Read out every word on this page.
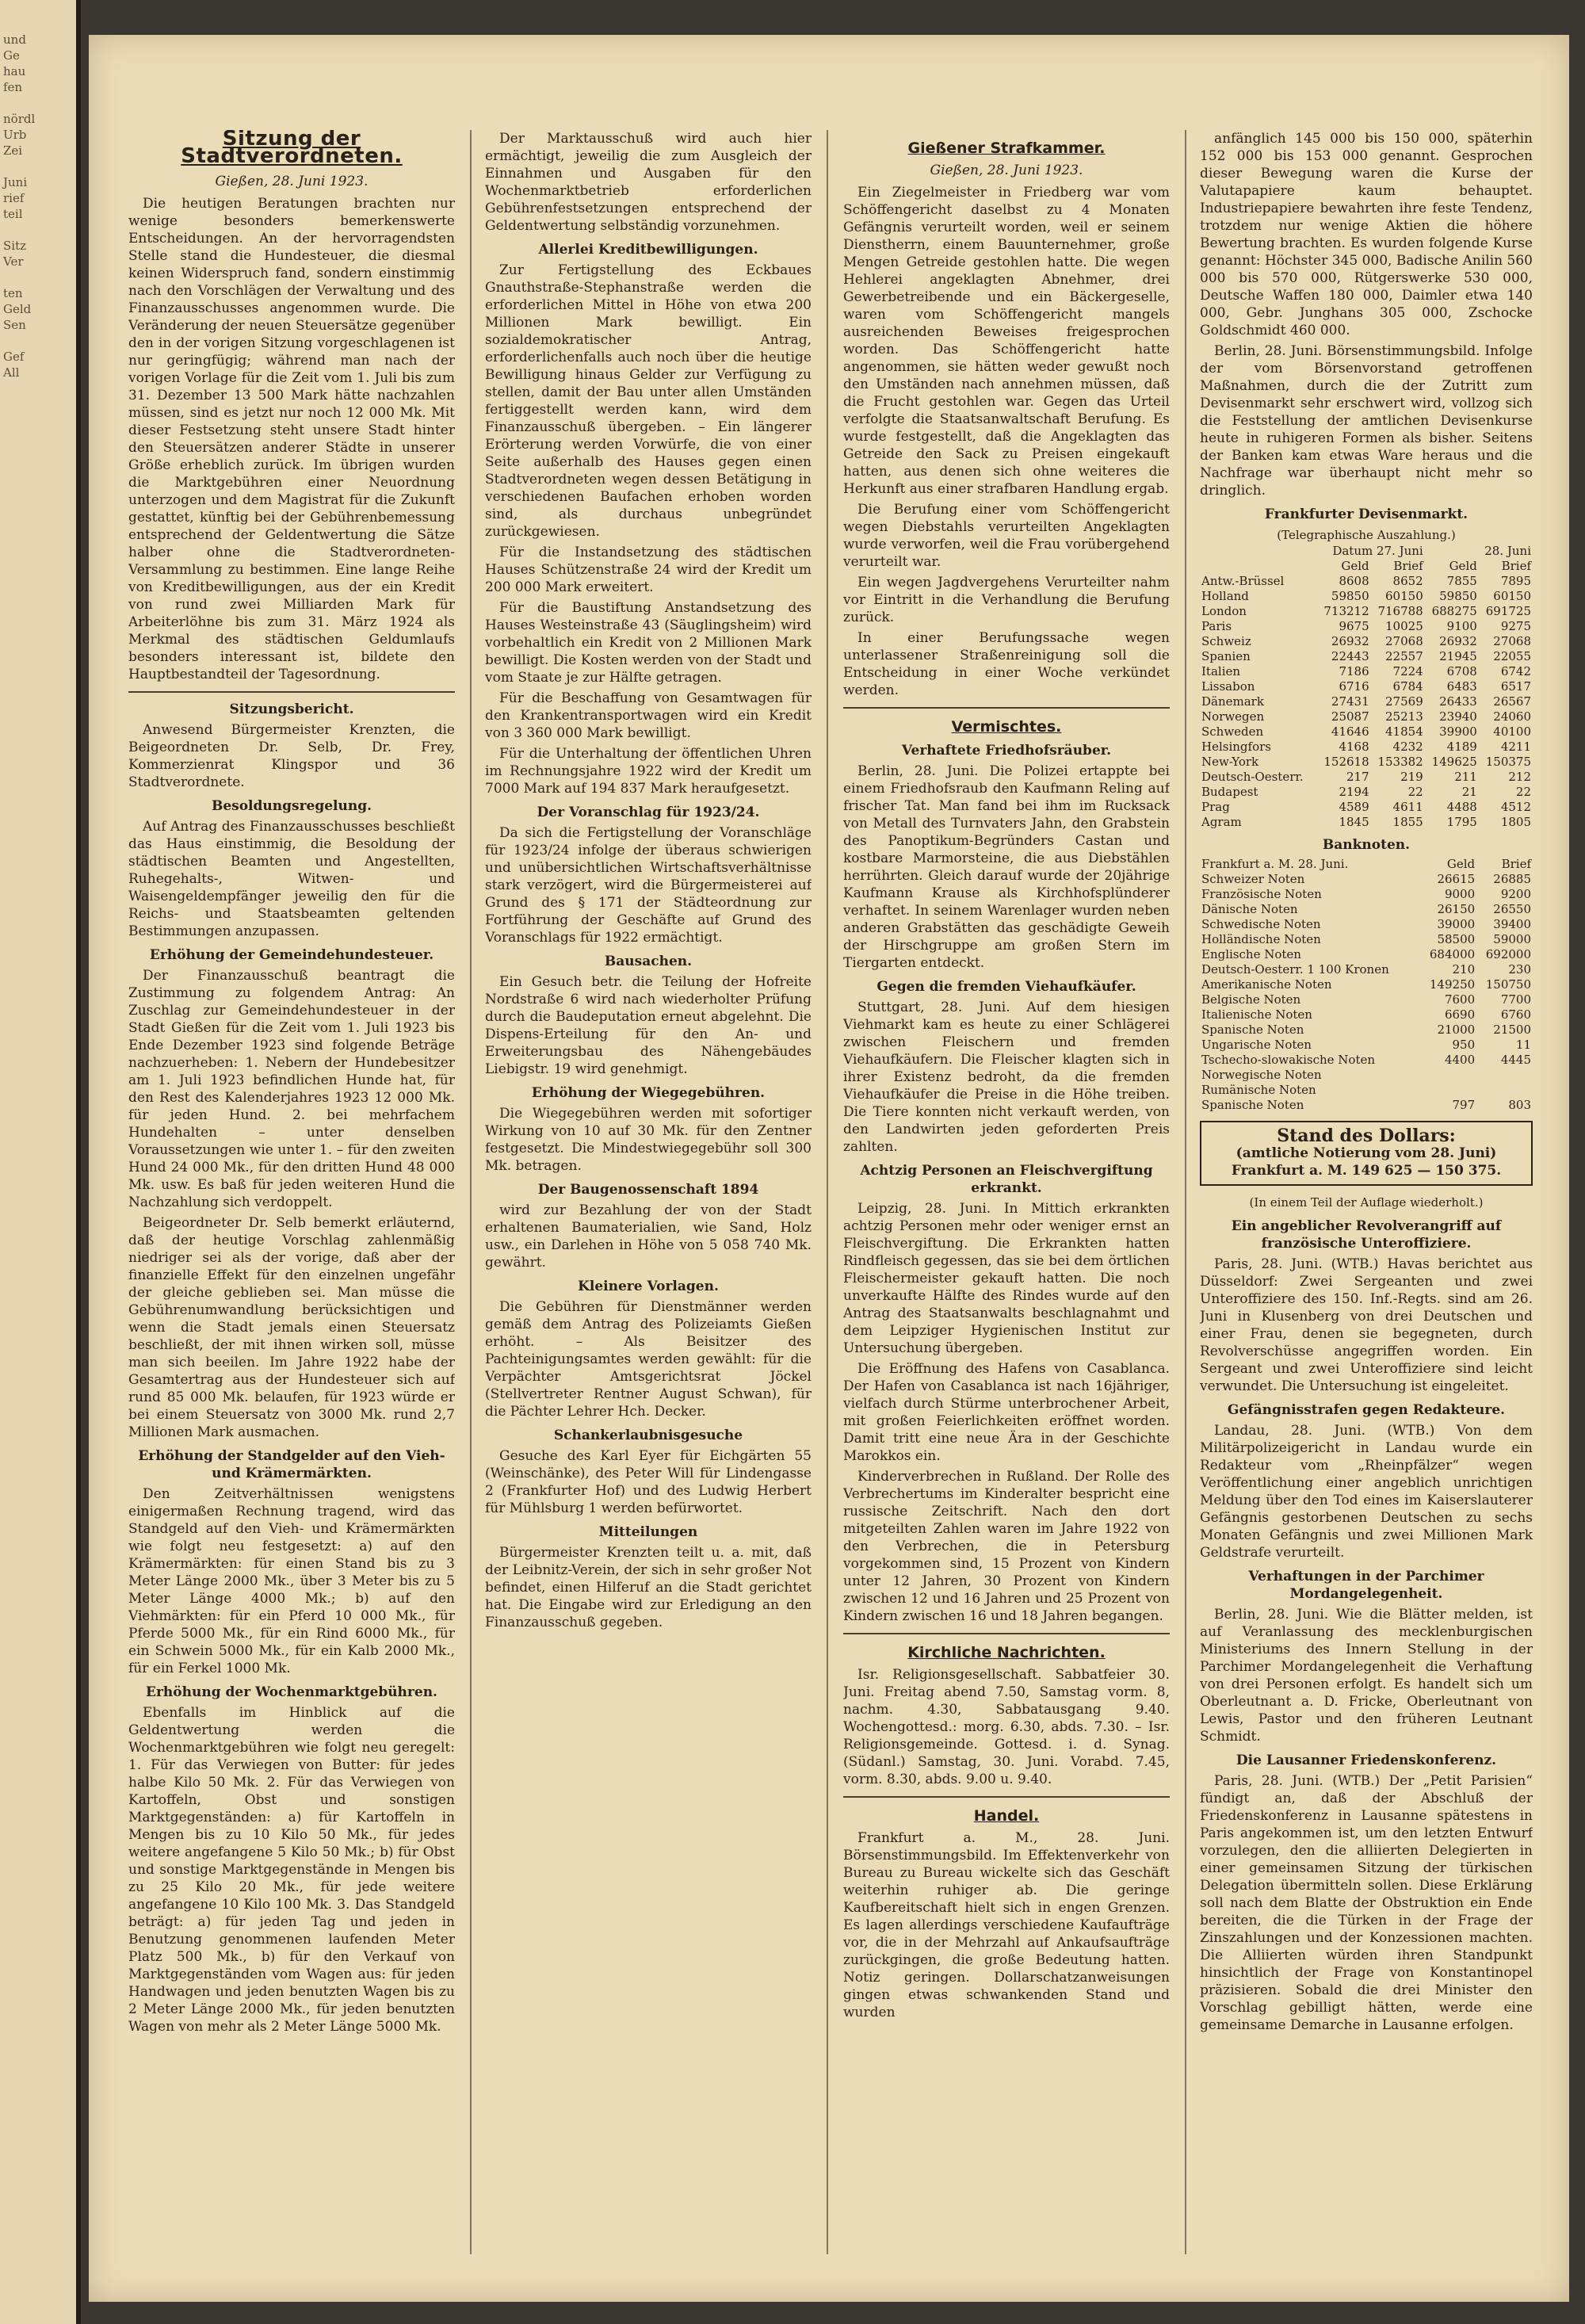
und
Ge
hau
fen

nördl
Urb
Zei

Juni
rief
teil

Sitz
Ver

ten
Geld
Sen

Gef
All
Sitzung der Stadtverordneten.

Gießen, 28. Juni 1923.

Die heutigen Beratungen brachten nur wenige besonders bemerkenswerte Entscheidungen. An der hervorragendsten Stelle stand die Hundesteuer, die diesmal keinen Widerspruch fand, sondern einstimmig nach den Vorschlägen der Verwaltung und des Finanzausschusses angenommen wurde. Die Veränderung der neuen Steuersätze gegenüber den in der vorigen Sitzung vorgeschlagenen ist nur geringfügig; während man nach der vorigen Vorlage für die Zeit vom 1. Juli bis zum 31. Dezember 13 500 Mark hätte nachzahlen müssen, sind es jetzt nur noch 12 000 Mk. Mit dieser Festsetzung steht unsere Stadt hinter den Steuersätzen anderer Städte in unserer Größe erheblich zurück. Im übrigen wurden die Marktgebühren einer Neuordnung unterzogen und dem Magistrat für die Zukunft gestattet, künftig bei der Gebührenbemessung entsprechend der Geldentwertung die Sätze halber ohne die Stadtverordneten-Versammlung zu bestimmen. Eine lange Reihe von Kreditbewilligungen, aus der ein Kredit von rund zwei Milliarden Mark für Arbeiterlöhne bis zum 31. März 1924 als Merkmal des städtischen Geldumlaufs besonders interessant ist, bildete den Hauptbestandteil der Tagesordnung.

Sitzungsbericht.

Anwesend Bürgermeister Krenzten, die Beigeordneten Dr. Selb, Dr. Frey, Kommerzienrat Klingspor und 36 Stadtverordnete.

Besoldungsregelung.

Auf Antrag des Finanzausschusses beschließt das Haus einstimmig, die Besoldung der städtischen Beamten und Angestellten, Ruhegehalts-, Witwen- und Waisengeldempfänger jeweilig den für die Reichs- und Staatsbeamten geltenden Bestimmungen anzupassen.

Erhöhung der Gemeindehundesteuer.

Der Finanzausschuß beantragt die Zustimmung zu folgendem Antrag: An Zuschlag zur Gemeindehundesteuer in der Stadt Gießen für die Zeit vom 1. Juli 1923 bis Ende Dezember 1923 sind folgende Beträge nachzuerheben: 1. Nebern der Hundebesitzer am 1. Juli 1923 befindlichen Hunde hat, für den Rest des Kalenderjahres 1923 12 000 Mk. für jeden Hund. 2. bei mehrfachem Hundehalten – unter denselben Voraussetzungen wie unter 1. – für den zweiten Hund 24 000 Mk., für den dritten Hund 48 000 Mk. usw. Es baß für jeden weiteren Hund die Nachzahlung sich verdoppelt.

Beigeordneter Dr. Selb bemerkt erläuternd, daß der heutige Vorschlag zahlenmäßig niedriger sei als der vorige, daß aber der finanzielle Effekt für den einzelnen ungefähr der gleiche geblieben sei. Man müsse die Gebührenumwandlung berücksichtigen und wenn die Stadt jemals einen Steuersatz beschließt, der mit ihnen wirken soll, müsse man sich beeilen. Im Jahre 1922 habe der Gesamtertrag aus der Hundesteuer sich auf rund 85 000 Mk. belaufen, für 1923 würde er bei einem Steuersatz von 3000 Mk. rund 2,7 Millionen Mark ausmachen.

Erhöhung der Standgelder auf den Vieh- und Krämermärkten.

Den Zeitverhältnissen wenigstens einigermaßen Rechnung tragend, wird das Standgeld auf den Vieh- und Krämermärkten wie folgt neu festgesetzt: a) auf den Krämermärkten: für einen Stand bis zu 3 Meter Länge 2000 Mk., über 3 Meter bis zu 5 Meter Länge 4000 Mk.; b) auf den Viehmärkten: für ein Pferd 10 000 Mk., für Pferde 5000 Mk., für ein Rind 6000 Mk., für ein Schwein 5000 Mk., für ein Kalb 2000 Mk., für ein Ferkel 1000 Mk.

Erhöhung der Wochenmarktgebühren.

Ebenfalls im Hinblick auf die Geldentwertung werden die Wochenmarktgebühren wie folgt neu geregelt: 1. Für das Verwiegen von Butter: für jedes halbe Kilo 50 Mk. 2. Für das Verwiegen von Kartoffeln, Obst und sonstigen Marktgegenständen: a) für Kartoffeln in Mengen bis zu 10 Kilo 50 Mk., für jedes weitere angefangene 5 Kilo 50 Mk.; b) für Obst und sonstige Marktgegenstände in Mengen bis zu 25 Kilo 20 Mk., für jede weitere angefangene 10 Kilo 100 Mk. 3. Das Standgeld beträgt: a) für jeden Tag und jeden in Benutzung genommenen laufenden Meter Platz 500 Mk., b) für den Verkauf von Marktgegenständen vom Wagen aus: für jeden Handwagen und jeden benutzten Wagen bis zu 2 Meter Länge 2000 Mk., für jeden benutzten Wagen von mehr als 2 Meter Länge 5000 Mk.

Der Marktausschuß wird auch hier ermächtigt, jeweilig die zum Ausgleich der Einnahmen und Ausgaben für den Wochenmarktbetrieb erforderlichen Gebührenfestsetzungen entsprechend der Geldentwertung selbständig vorzunehmen.

Allerlei Kreditbewilligungen.

Zur Fertigstellung des Eckbaues Gnauthstraße-Stephanstraße werden die erforderlichen Mittel in Höhe von etwa 200 Millionen Mark bewilligt. Ein sozialdemokratischer Antrag, erforderlichenfalls auch noch über die heutige Bewilligung hinaus Gelder zur Verfügung zu stellen, damit der Bau unter allen Umständen fertiggestellt werden kann, wird dem Finanzausschuß übergeben. – Ein längerer Erörterung werden Vorwürfe, die von einer Seite außerhalb des Hauses gegen einen Stadtverordneten wegen dessen Betätigung in verschiedenen Baufachen erhoben worden sind, als durchaus unbegründet zurückgewiesen.

Für die Instandsetzung des städtischen Hauses Schützenstraße 24 wird der Kredit um 200 000 Mark erweitert.

Für die Baustiftung Anstandsetzung des Hauses Westeinstraße 43 (Säuglingsheim) wird vorbehaltlich ein Kredit von 2 Millionen Mark bewilligt. Die Kosten werden von der Stadt und vom Staate je zur Hälfte getragen.

Für die Beschaffung von Gesamtwagen für den Krankentransportwagen wird ein Kredit von 3 360 000 Mark bewilligt.

Für die Unterhaltung der öffentlichen Uhren im Rechnungsjahre 1922 wird der Kredit um 7000 Mark auf 194 837 Mark heraufgesetzt.

Der Voranschlag für 1923/24.

Da sich die Fertigstellung der Voranschläge für 1923/24 infolge der überaus schwierigen und unübersichtlichen Wirtschaftsverhältnisse stark verzögert, wird die Bürgermeisterei auf Grund des § 171 der Städteordnung zur Fortführung der Geschäfte auf Grund des Voranschlags für 1922 ermächtigt.

Bausachen.

Ein Gesuch betr. die Teilung der Hofreite Nordstraße 6 wird nach wiederholter Prüfung durch die Baudeputation erneut abgelehnt. Die Dispens-Erteilung für den An- und Erweiterungsbau des Nähengebäudes Liebigstr. 19 wird genehmigt.

Erhöhung der Wiegegebühren.

Die Wiegegebühren werden mit sofortiger Wirkung von 10 auf 30 Mk. für den Zentner festgesetzt. Die Mindestwiegegebühr soll 300 Mk. betragen.

Der Baugenossenschaft 1894

wird zur Bezahlung der von der Stadt erhaltenen Baumaterialien, wie Sand, Holz usw., ein Darlehen in Höhe von 5 058 740 Mk. gewährt.

Kleinere Vorlagen.

Die Gebühren für Dienstmänner werden gemäß dem Antrag des Polizeiamts Gießen erhöht. – Als Beisitzer des Pachteinigungsamtes werden gewählt: für die Verpächter Amtsgerichtsrat Jöckel (Stellvertreter Rentner August Schwan), für die Pächter Lehrer Hch. Decker.

Schankerlaubnisgesuche

Gesuche des Karl Eyer für Eichgärten 55 (Weinschänke), des Peter Will für Lindengasse 2 (Frankfurter Hof) und des Ludwig Herbert für Mühlsburg 1 werden befürwortet.

Mitteilungen

Bürgermeister Krenzten teilt u. a. mit, daß der Leibnitz-Verein, der sich in sehr großer Not befindet, einen Hilferuf an die Stadt gerichtet hat. Die Eingabe wird zur Erledigung an den Finanzausschuß gegeben.

Gießener Strafkammer.

Gießen, 28. Juni 1923.

Ein Ziegelmeister in Friedberg war vom Schöffengericht daselbst zu 4 Monaten Gefängnis verurteilt worden, weil er seinem Dienstherrn, einem Bauunternehmer, große Mengen Getreide gestohlen hatte. Die wegen Hehlerei angeklagten Abnehmer, drei Gewerbetreibende und ein Bäckergeselle, waren vom Schöffengericht mangels ausreichenden Beweises freigesprochen worden. Das Schöffengericht hatte angenommen, sie hätten weder gewußt noch den Umständen nach annehmen müssen, daß die Frucht gestohlen war. Gegen das Urteil verfolgte die Staatsanwaltschaft Berufung. Es wurde festgestellt, daß die Angeklagten das Getreide den Sack zu Preisen eingekauft hatten, aus denen sich ohne weiteres die Herkunft aus einer strafbaren Handlung ergab.

Die Berufung einer vom Schöffengericht wegen Diebstahls verurteilten Angeklagten wurde verworfen, weil die Frau vorübergehend verurteilt war.

Ein wegen Jagdvergehens Verurteilter nahm vor Eintritt in die Verhandlung die Berufung zurück.

In einer Berufungssache wegen unterlassener Straßenreinigung soll die Entscheidung in einer Woche verkündet werden.

Vermischtes.
Verhaftete Friedhofsräuber.

Berlin, 28. Juni. Die Polizei ertappte bei einem Friedhofsraub den Kaufmann Reling auf frischer Tat. Man fand bei ihm im Rucksack von Metall des Turnvaters Jahn, den Grabstein des Panoptikum-Begründers Castan und kostbare Marmorsteine, die aus Diebstählen herrührten. Gleich darauf wurde der 20jährige Kaufmann Krause als Kirchhofsplünderer verhaftet. In seinem Warenlager wurden neben anderen Grabstätten das geschädigte Geweih der Hirschgruppe am großen Stern im Tiergarten entdeckt.

Gegen die fremden Viehaufkäufer.

Stuttgart, 28. Juni. Auf dem hiesigen Viehmarkt kam es heute zu einer Schlägerei zwischen Fleischern und fremden Viehaufkäufern. Die Fleischer klagten sich in ihrer Existenz bedroht, da die fremden Viehaufkäufer die Preise in die Höhe treiben. Die Tiere konnten nicht verkauft werden, von den Landwirten jeden geforderten Preis zahlten.

Achtzig Personen an Fleischvergiftung erkrankt.

Leipzig, 28. Juni. In Mittich erkrankten achtzig Personen mehr oder weniger ernst an Fleischvergiftung. Die Erkrankten hatten Rindfleisch gegessen, das sie bei dem örtlichen Fleischermeister gekauft hatten. Die noch unverkaufte Hälfte des Rindes wurde auf den Antrag des Staatsanwalts beschlagnahmt und dem Leipziger Hygienischen Institut zur Untersuchung übergeben.

Die Eröffnung des Hafens von Casablanca. Der Hafen von Casablanca ist nach 16jähriger, vielfach durch Stürme unterbrochener Arbeit, mit großen Feierlichkeiten eröffnet worden. Damit tritt eine neue Ära in der Geschichte Marokkos ein.

Kinderverbrechen in Rußland. Der Rolle des Verbrechertums im Kinderalter bespricht eine russische Zeitschrift. Nach den dort mitgeteilten Zahlen waren im Jahre 1922 von den Verbrechen, die in Petersburg vorgekommen sind, 15 Prozent von Kindern unter 12 Jahren, 30 Prozent von Kindern zwischen 12 und 16 Jahren und 25 Prozent von Kindern zwischen 16 und 18 Jahren begangen.

Kirchliche Nachrichten.

Isr. Religionsgesellschaft. Sabbatfeier 30. Juni. Freitag abend 7.50, Samstag vorm. 8, nachm. 4.30, Sabbatausgang 9.40. Wochengottesd.: morg. 6.30, abds. 7.30. – Isr. Religionsgemeinde. Gottesd. i. d. Synag. (Südanl.) Samstag, 30. Juni. Vorabd. 7.45, vorm. 8.30, abds. 9.00 u. 9.40.

Handel.

Frankfurt a. M., 28. Juni. Börsenstimmungsbild. Im Effektenverkehr von Bureau zu Bureau wickelte sich das Geschäft weiterhin ruhiger ab. Die geringe Kaufbereitschaft hielt sich in engen Grenzen. Es lagen allerdings verschiedene Kaufaufträge vor, die in der Mehrzahl auf Ankaufsaufträge zurückgingen, die große Bedeutung hatten. Notiz geringen. Dollarschatzanweisungen gingen etwas schwankenden Stand und wurden

anfänglich 145 000 bis 150 000, späterhin 152 000 bis 153 000 genannt. Gesprochen dieser Bewegung waren die Kurse der Valutapapiere kaum behauptet. Industriepapiere bewahrten ihre feste Tendenz, trotzdem nur wenige Aktien die höhere Bewertung brachten. Es wurden folgende Kurse genannt: Höchster 345 000, Badische Anilin 560 000 bis 570 000, Rütgerswerke 530 000, Deutsche Waffen 180 000, Daimler etwa 140 000, Gebr. Junghans 305 000, Zschocke Goldschmidt 460 000.

Berlin, 28. Juni. Börsenstimmungsbild. Infolge der vom Börsenvorstand getroffenen Maßnahmen, durch die der Zutritt zum Devisenmarkt sehr erschwert wird, vollzog sich die Feststellung der amtlichen Devisenkurse heute in ruhigeren Formen als bisher. Seitens der Banken kam etwas Ware heraus und die Nachfrage war überhaupt nicht mehr so dringlich.

Frankfurter Devisenmarkt.
(Telegraphische Auszahlung.)
	Datum 27. Juni		28. Juni	
	Geld	Brief	Geld	Brief
Antw.-Brüssel	8608	8652	7855	7895
Holland	59850	60150	59850	60150
London	713212	716788	688275	691725
Paris	9675	10025	9100	9275
Schweiz	26932	27068	26932	27068
Spanien	22443	22557	21945	22055
Italien	7186	7224	6708	6742
Lissabon	6716	6784	6483	6517
Dänemark	27431	27569	26433	26567
Norwegen	25087	25213	23940	24060
Schweden	41646	41854	39900	40100
Helsingfors	4168	4232	4189	4211
New-York	152618	153382	149625	150375
Deutsch-Oesterr.	217	219	211	212
Budapest	2194	22	21	22
Prag	4589	4611	4488	4512
Agram	1845	1855	1795	1805
Banknoten.
Frankfurt a. M. 28. Juni.	Geld	Brief
Schweizer Noten	26615	26885
Französische Noten	9000	9200
Dänische Noten	26150	26550
Schwedische Noten	39000	39400
Holländische Noten	58500	59000
Englische Noten	684000	692000
Deutsch-Oesterr. 1 100 Kronen	210	230
Amerikanische Noten	149250	150750
Belgische Noten	7600	7700
Italienische Noten	6690	6760
Spanische Noten	21000	21500
Ungarische Noten	950	11
Tschecho-slowakische Noten	4400	4445
Norwegische Noten		
Rumänische Noten		
Spanische Noten	797	803
Stand des Dollars:
(amtliche Notierung vom 28. Juni)
Frankfurt a. M. 149 625 — 150 375.
(In einem Teil der Auflage wiederholt.)
Ein angeblicher Revolverangriff auf französische Unteroffiziere.

Paris, 28. Juni. (WTB.) Havas berichtet aus Düsseldorf: Zwei Sergeanten und zwei Unteroffiziere des 150. Inf.-Regts. sind am 26. Juni in Klusenberg von drei Deutschen und einer Frau, denen sie begegneten, durch Revolverschüsse angegriffen worden. Ein Sergeant und zwei Unteroffiziere sind leicht verwundet. Die Untersuchung ist eingeleitet.

Gefängnisstrafen gegen Redakteure.

Landau, 28. Juni. (WTB.) Von dem Militärpolizeigericht in Landau wurde ein Redakteur vom „Rheinpfälzer“ wegen Veröffentlichung einer angeblich unrichtigen Meldung über den Tod eines im Kaiserslauterer Gefängnis gestorbenen Deutschen zu sechs Monaten Gefängnis und zwei Millionen Mark Geldstrafe verurteilt.

Verhaftungen in der Parchimer Mordangelegenheit.

Berlin, 28. Juni. Wie die Blätter melden, ist auf Veranlassung des mecklenburgischen Ministeriums des Innern Stellung in der Parchimer Mordangelegenheit die Verhaftung von drei Personen erfolgt. Es handelt sich um Oberleutnant a. D. Fricke, Oberleutnant von Lewis, Pastor und den früheren Leutnant Schmidt.

Die Lausanner Friedenskonferenz.

Paris, 28. Juni. (WTB.) Der „Petit Parisien“ fündigt an, daß der Abschluß der Friedenskonferenz in Lausanne spätestens in Paris angekommen ist, um den letzten Entwurf vorzulegen, den die alliierten Delegierten in einer gemeinsamen Sitzung der türkischen Delegation übermitteln sollen. Diese Erklärung soll nach dem Blatte der Obstruktion ein Ende bereiten, die die Türken in der Frage der Zinszahlungen und der Konzessionen machten. Die Alliierten würden ihren Standpunkt hinsichtlich der Frage von Konstantinopel präzisieren. Sobald die drei Minister den Vorschlag gebilligt hätten, werde eine gemeinsame Demarche in Lausanne erfolgen.
